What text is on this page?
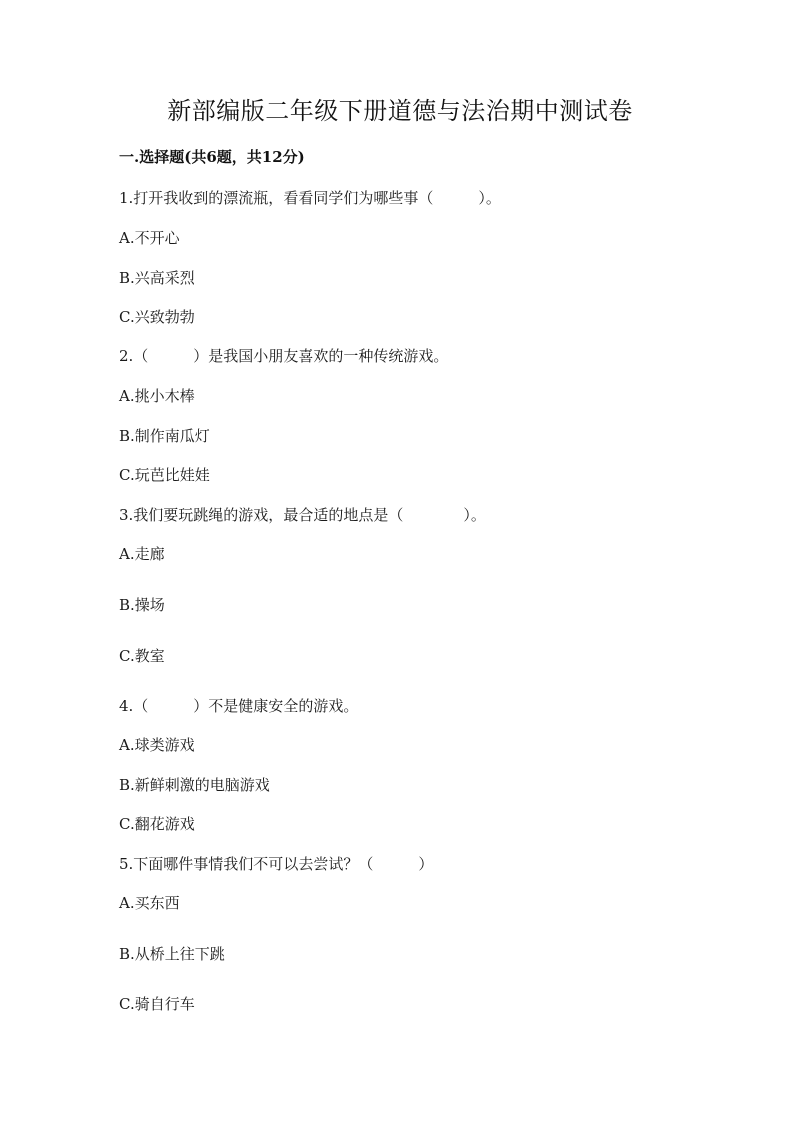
新部编版二年级下册道德与法治期中测试卷
一.选择题(共6题，共12分)
1.打开我收到的漂流瓶，看看同学们为哪些事（　　　）。
A.不开心
B.兴高采烈
C.兴致勃勃
2.（　　　）是我国小朋友喜欢的一种传统游戏。
A.挑小木棒
B.制作南瓜灯
C.玩芭比娃娃
3.我们要玩跳绳的游戏，最合适的地点是（　　　　）。
A.走廊
B.操场
C.教室
4.（　　　）不是健康安全的游戏。
A.球类游戏
B.新鲜刺激的电脑游戏
C.翻花游戏
5.下面哪件事情我们不可以去尝试？（　　　）
A.买东西
B.从桥上往下跳
C.骑自行车
